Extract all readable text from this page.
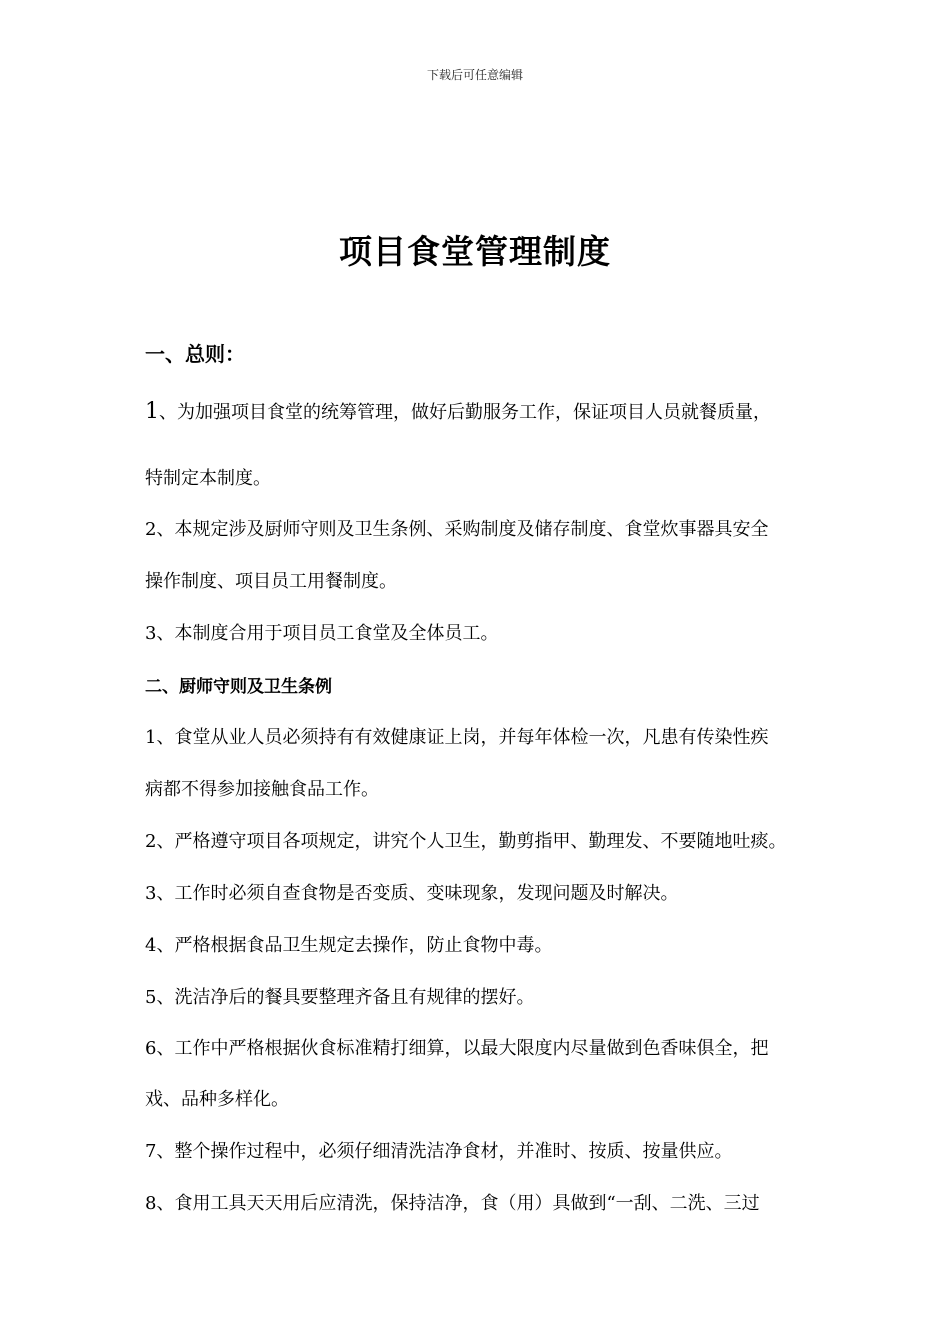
下载后可任意编辑
项目食堂管理制度
一、总则：
1、为加强项目食堂的统筹管理，做好后勤服务工作，保证项目人员就餐质量，
特制定本制度。
2、本规定涉及厨师守则及卫生条例、采购制度及储存制度、食堂炊事器具安全
操作制度、项目员工用餐制度。
3、本制度合用于项目员工食堂及全体员工。
二、厨师守则及卫生条例
1、食堂从业人员必须持有有效健康证上岗，并每年体检一次，凡患有传染性疾
病都不得参加接触食品工作。
2、严格遵守项目各项规定，讲究个人卫生，勤剪指甲、勤理发、不要随地吐痰。
3、工作时必须自查食物是否变质、变味现象，发现问题及时解决。
4、严格根据食品卫生规定去操作，防止食物中毒。
5、洗洁净后的餐具要整理齐备且有规律的摆好。
6、工作中严格根据伙食标准精打细算，以最大限度内尽量做到色香味俱全，把
戏、品种多样化。
7、整个操作过程中，必须仔细清洗洁净食材，并准时、按质、按量供应。
8、食用工具天天用后应清洗，保持洁净，食（用）具做到“一刮、二洗、三过
